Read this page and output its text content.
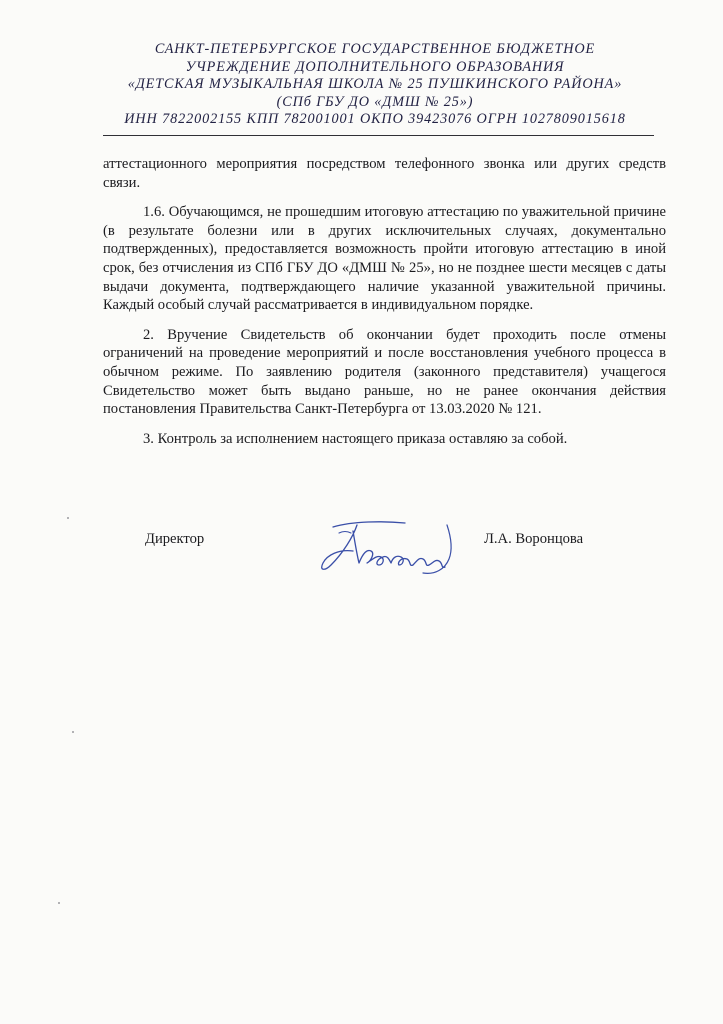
САНКТ-ПЕТЕРБУРГСКОЕ ГОСУДАРСТВЕННОЕ БЮДЖЕТНОЕ
УЧРЕЖДЕНИЕ ДОПОЛНИТЕЛЬНОГО ОБРАЗОВАНИЯ
«ДЕТСКАЯ МУЗЫКАЛЬНАЯ ШКОЛА № 25 ПУШКИНСКОГО РАЙОНА»
(СПб ГБУ ДО «ДМШ № 25»)
ИНН 7822002155 КПП 782001001 ОКПО 39423076 ОГРН 1027809015618

аттестационного мероприятия посредством телефонного звонка или других средств связи.

1.6. Обучающимся, не прошедшим итоговую аттестацию по уважительной причине (в результате болезни или в других исключительных случаях, документально подтвержденных), предоставляется возможность пройти итоговую аттестацию в иной срок, без отчисления из СПб ГБУ ДО «ДМШ № 25», но не позднее шести месяцев с даты выдачи документа, подтверждающего наличие указанной уважительной причины. Каждый особый случай рассматривается в индивидуальном порядке.

2. Вручение Свидетельств об окончании будет проходить после отмены ограничений на проведение мероприятий и после восстановления учебного процесса в обычном режиме. По заявлению родителя (законного представителя) учащегося Свидетельство может быть выдано раньше, но не ранее окончания действия постановления Правительства Санкт-Петербурга от 13.03.2020 № 121.

3. Контроль за исполнением настоящего приказа оставляю за собой.

Директор	Л.А. Воронцова
